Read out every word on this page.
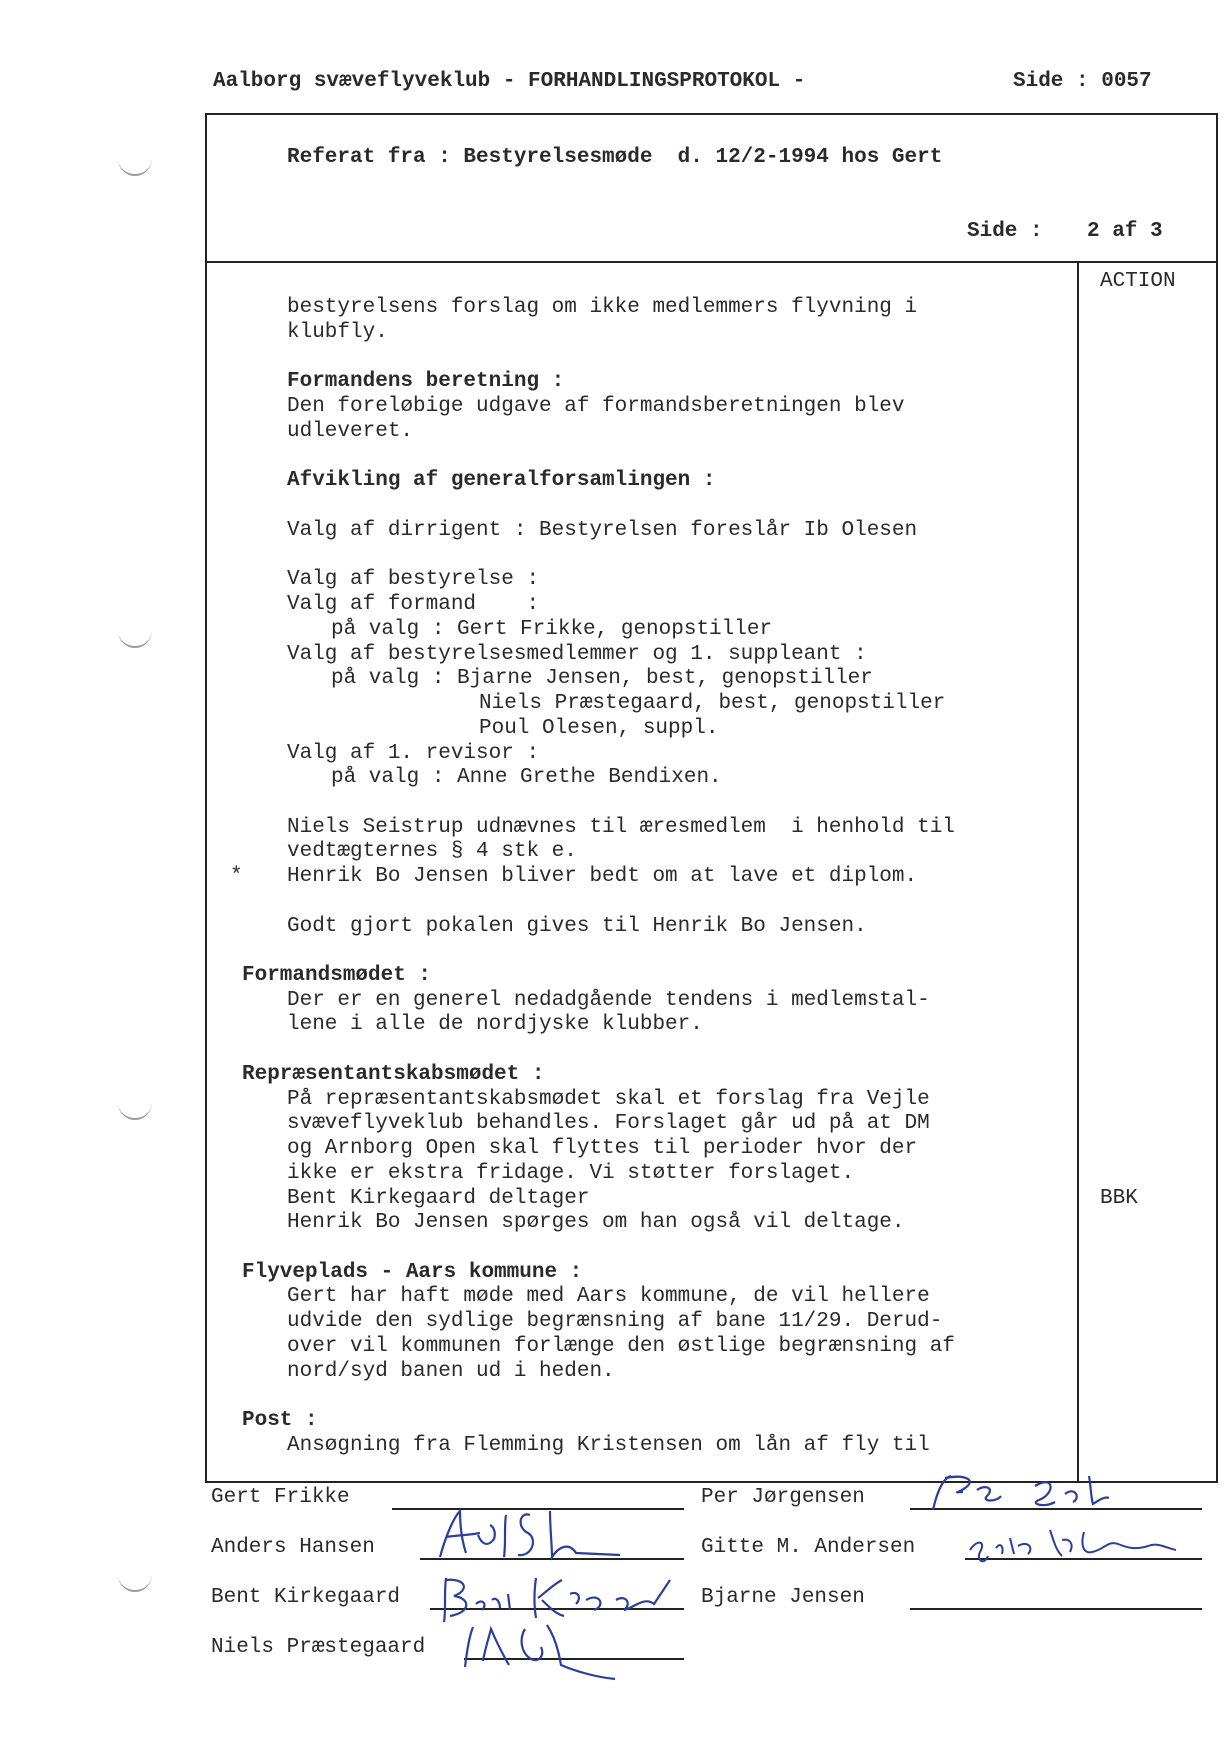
Aalborg svæveflyveklub - FORHANDLINGSPROTOKOL -	Side : 0057
Referat fra : Bestyrelsesmøde  d. 12/2-1994 hos Gert
Side : 2 af 3
ACTION
bestyrelsens forslag om ikke medlemmers flyvning i
klubfly.
Formandens beretning :
Den foreløbige udgave af formandsberetningen blev
udleveret.
Afvikling af generalforsamlingen :
Valg af dirrigent : Bestyrelsen foreslår Ib Olesen
Valg af bestyrelse :
Valg af formand    :
på valg : Gert Frikke, genopstiller
Valg af bestyrelsesmedlemmer og 1. suppleant :
på valg : Bjarne Jensen, best, genopstiller
Niels Præstegaard, best, genopstiller
Poul Olesen, suppl.
Valg af 1. revisor :
på valg : Anne Grethe Bendixen.
Niels Seistrup udnævnes til æresmedlem  i henhold til
vedtægternes § 4 stk e.
* Henrik Bo Jensen bliver bedt om at lave et diplom.
Godt gjort pokalen gives til Henrik Bo Jensen.
Formandsmødet :
Der er en generel nedadgående tendens i medlemstal-
lene i alle de nordjyske klubber.
Repræsentantskabsmødet :
På repræsentantskabsmødet skal et forslag fra Vejle
svæveflyveklub behandles. Forslaget går ud på at DM
og Arnborg Open skal flyttes til perioder hvor der
ikke er ekstra fridage. Vi støtter forslaget.
Bent Kirkegaard deltager	BBK
Henrik Bo Jensen spørges om han også vil deltage.
Flyveplads - Aars kommune :
Gert har haft møde med Aars kommune, de vil hellere
udvide den sydlige begrænsning af bane 11/29. Derud-
over vil kommunen forlænge den østlige begrænsning af
nord/syd banen ud i heden.
Post :
Ansøgning fra Flemming Kristensen om lån af fly til
Gert Frikke	Per Jørgensen
Anders Hansen	Gitte M. Andersen
Bent Kirkegaard	Bjarne Jensen
Niels Præstegaard
